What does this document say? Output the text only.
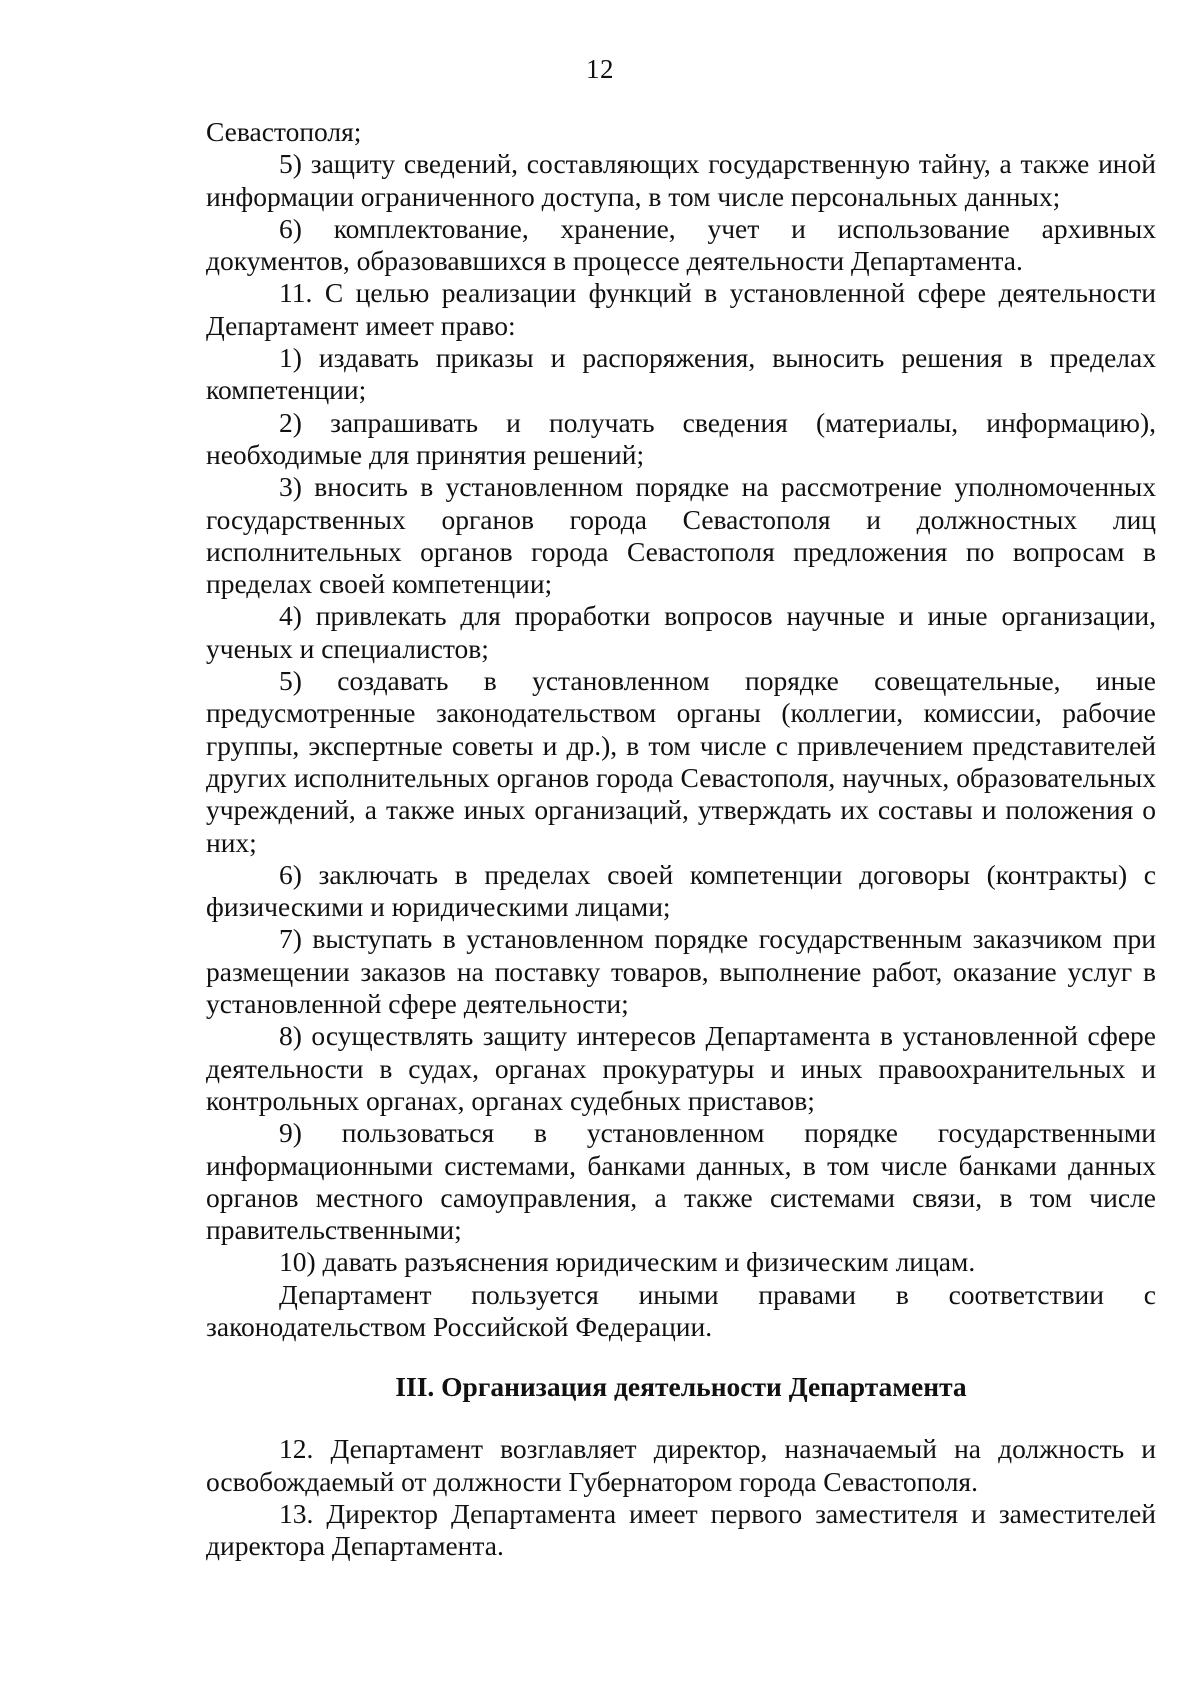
12

Севастополя;

5) защиту сведений, составляющих государственную тайну, а также иной информации ограниченного доступа, в том числе персональных данных;

6) комплектование, хранение, учет и использование архивных документов, образовавшихся в процессе деятельности Департамента.

11. С целью реализации функций в установленной сфере деятельности Департамент имеет право:

1) издавать приказы и распоряжения, выносить решения в пределах компетенции;

2) запрашивать и получать сведения (материалы, информацию), необходимые для принятия решений;

3) вносить в установленном порядке на рассмотрение уполномоченных государственных органов города Севастополя и должностных лиц исполнительных органов города Севастополя предложения по вопросам в пределах своей компетенции;

4) привлекать для проработки вопросов научные и иные организации, ученых и специалистов;

5) создавать в установленном порядке совещательные, иные предусмотренные законодательством органы (коллегии, комиссии, рабочие группы, экспертные советы и др.), в том числе с привлечением представителей других исполнительных органов города Севастополя, научных, образовательных учреждений, а также иных организаций, утверждать их составы и положения о них;

6) заключать в пределах своей компетенции договоры (контракты) с физическими и юридическими лицами;

7) выступать в установленном порядке государственным заказчиком при размещении заказов на поставку товаров, выполнение работ, оказание услуг в установленной сфере деятельности;

8) осуществлять защиту интересов Департамента в установленной сфере деятельности в судах, органах прокуратуры и иных правоохранительных и контрольных органах, органах судебных приставов;

9) пользоваться в установленном порядке государственными информационными системами, банками данных, в том числе банками данных органов местного самоуправления, а также системами связи, в том числе правительственными;

10) давать разъяснения юридическим и физическим лицам.

Департамент пользуется иными правами в соответствии с законодательством Российской Федерации.

III. Организация деятельности Департамента

12. Департамент возглавляет директор, назначаемый на должность и освобождаемый от должности Губернатором города Севастополя.

13. Директор Департамента имеет первого заместителя и заместителей директора Департамента.
